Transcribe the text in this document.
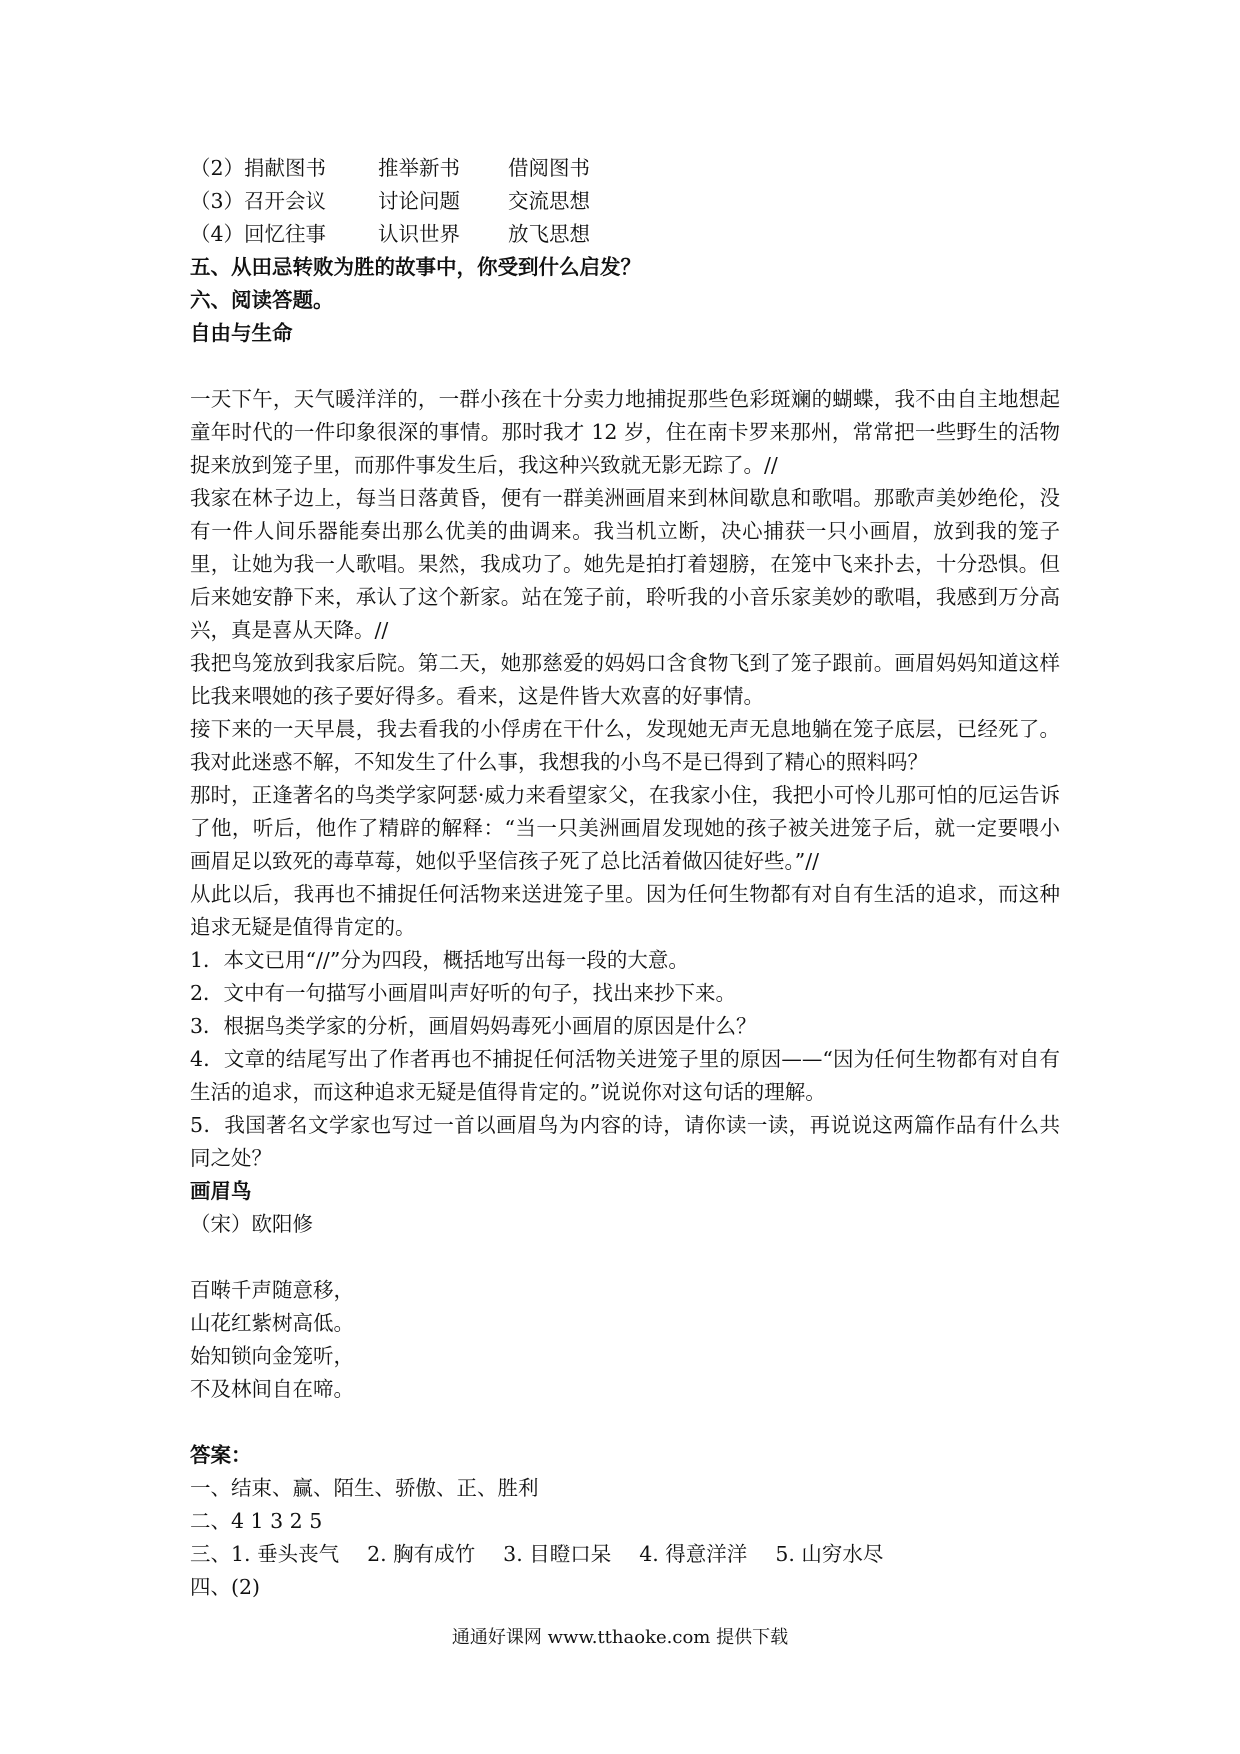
（2）捐献图书	推举新书 借阅图书
（3）召开会议	讨论问题 交流思想
（4）回忆往事	认识世界 放飞思想
五、从田忌转败为胜的故事中，你受到什么启发？
六、阅读答题。
自由与生命

一天下午，天气暖洋洋的，一群小孩在十分卖力地捕捉那些色彩斑斓的蝴蝶，我不由自主地想起童年时代的一件印象很深的事情。那时我才 12 岁，住在南卡罗来那州，常常把一些野生的活物捉来放到笼子里，而那件事发生后，我这种兴致就无影无踪了。//

我家在林子边上，每当日落黄昏，便有一群美洲画眉来到林间歇息和歌唱。那歌声美妙绝伦，没有一件人间乐器能奏出那么优美的曲调来。我当机立断，决心捕获一只小画眉，放到我的笼子里，让她为我一人歌唱。果然，我成功了。她先是拍打着翅膀，在笼中飞来扑去，十分恐惧。但后来她安静下来，承认了这个新家。站在笼子前，聆听我的小音乐家美妙的歌唱，我感到万分高兴，真是喜从天降。//

我把鸟笼放到我家后院。第二天，她那慈爱的妈妈口含食物飞到了笼子跟前。画眉妈妈知道这样比我来喂她的孩子要好得多。看来，这是件皆大欢喜的好事情。

接下来的一天早晨，我去看我的小俘虏在干什么，发现她无声无息地躺在笼子底层，已经死了。我对此迷惑不解，不知发生了什么事，我想我的小鸟不是已得到了精心的照料吗？

那时，正逢著名的鸟类学家阿瑟·威力来看望家父，在我家小住，我把小可怜儿那可怕的厄运告诉了他，听后，他作了精辟的解释：“当一只美洲画眉发现她的孩子被关进笼子后，就一定要喂小画眉足以致死的毒草莓，她似乎坚信孩子死了总比活着做囚徒好些。”//

从此以后，我再也不捕捉任何活物来送进笼子里。因为任何生物都有对自有生活的追求，而这种追求无疑是值得肯定的。

1．本文已用“//”分为四段，概括地写出每一段的大意。

2．文中有一句描写小画眉叫声好听的句子，找出来抄下来。

3．根据鸟类学家的分析，画眉妈妈毒死小画眉的原因是什么？

4．文章的结尾写出了作者再也不捕捉任何活物关进笼子里的原因——“因为任何生物都有对自有生活的追求，而这种追求无疑是值得肯定的。”说说你对这句话的理解。

5．我国著名文学家也写过一首以画眉鸟为内容的诗，请你读一读，再说说这两篇作品有什么共同之处？

画眉鸟
（宋）欧阳修
百啭千声随意移，
山花红紫树高低。
始知锁向金笼听，
不及林间自在啼。
答案：
一、结束、赢、陌生、骄傲、正、胜利
二、4 1 3 2 5
三、1. 垂头丧气 2. 胸有成竹 3. 目瞪口呆 4. 得意洋洋 5. 山穷水尽
四、(2)
通通好课网 www.tthaoke.com 提供下载
